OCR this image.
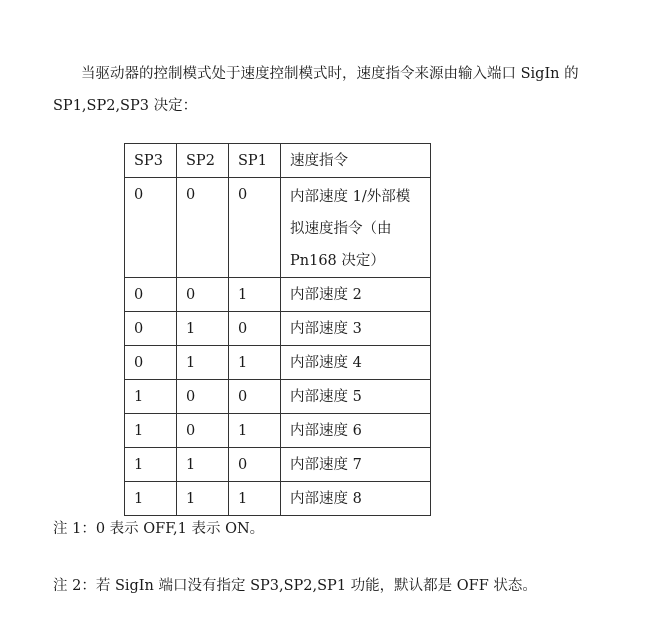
当驱动器的控制模式处于速度控制模式时，速度指令来源由输入端口 SigIn 的
SP1,SP2,SP3 决定：

SP3	SP2	SP1	速度指令
0	0	0	内部速度 1/外部模拟速度指令（由Pn168 决定）
0	0	1	内部速度 2
0	1	0	内部速度 3
0	1	1	内部速度 4
1	0	0	内部速度 5
1	0	1	内部速度 6
1	1	0	内部速度 7
1	1	1	内部速度 8

注 1：0 表示 OFF,1 表示 ON。

注 2：若 SigIn 端口没有指定 SP3,SP2,SP1 功能，默认都是 OFF 状态。
